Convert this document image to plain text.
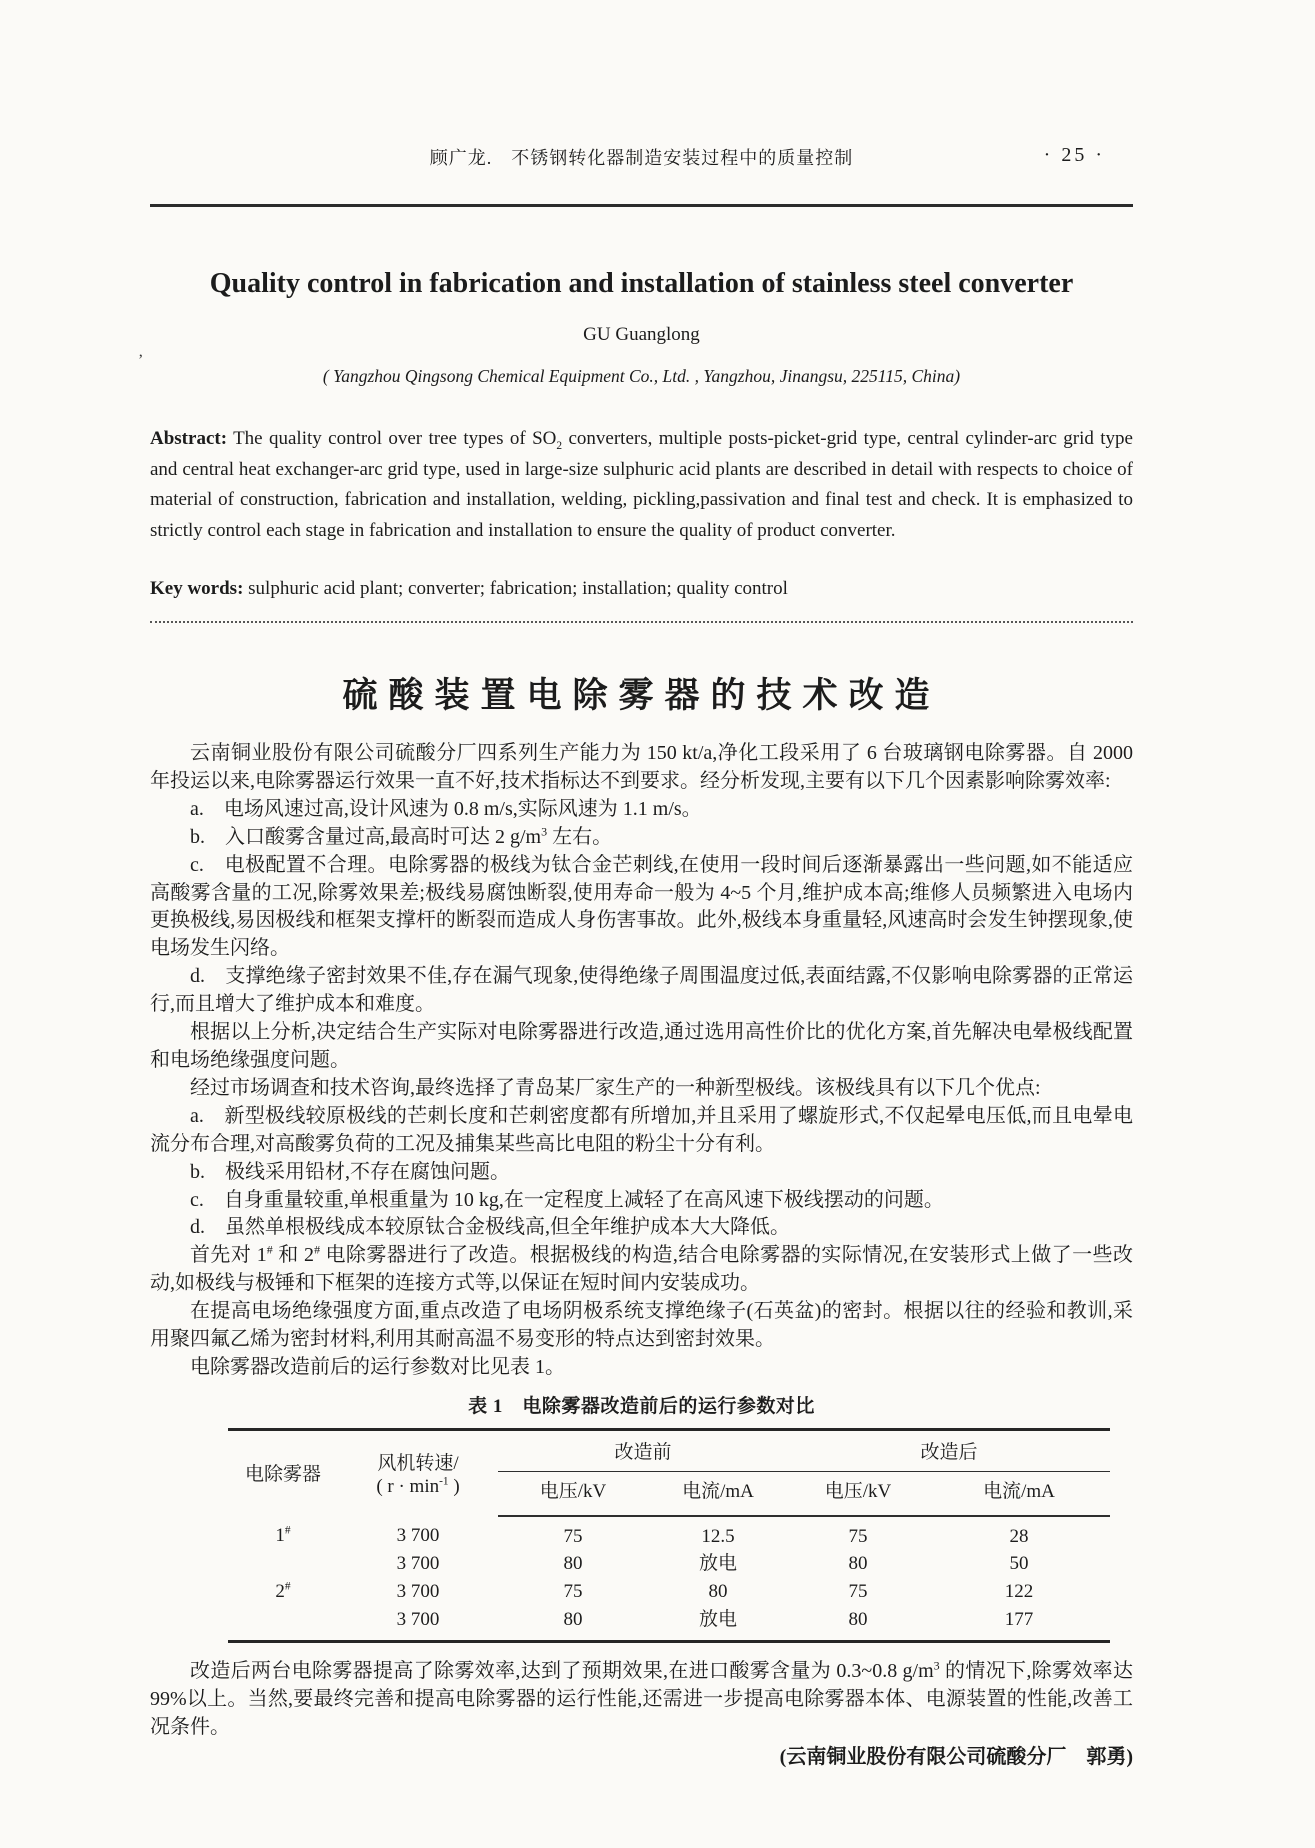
顾广龙.　不锈钢转化器制造安装过程中的质量控制	· 25 ·
Quality control in fabrication and installation of stainless steel converter
GU Guanglong
’
( Yangzhou Qingsong Chemical Equipment Co., Ltd. , Yangzhou, Jinangsu, 225115, China)
Abstract: The quality control over tree types of $SO_2$ converters, multiple posts-picket-grid type, central cylinder-arc grid type and central heat exchanger-arc grid type, used in large-size sulphuric acid plants are described in detail with respects to choice of material of construction, fabrication and installation, welding, pickling,passivation and final test and check. It is emphasized to strictly control each stage in fabrication and installation to ensure the quality of product converter.
Key words: sulphuric acid plant; converter; fabrication; installation; quality control
硫酸装置电除雾器的技术改造

云南铜业股份有限公司硫酸分厂四系列生产能力为 150 kt/a,净化工段采用了 6 台玻璃钢电除雾器。自 2000 年投运以来,电除雾器运行效果一直不好,技术指标达不到要求。经分析发现,主要有以下几个因素影响除雾效率:

a.　电场风速过高,设计风速为 0.8 m/s,实际风速为 1.1 m/s。

b.　入口酸雾含量过高,最高时可达 2 $g/m^3$ 左右。

c.　电极配置不合理。电除雾器的极线为钛合金芒刺线,在使用一段时间后逐渐暴露出一些问题,如不能适应高酸雾含量的工况,除雾效果差;极线易腐蚀断裂,使用寿命一般为 4~5 个月,维护成本高;维修人员频繁进入电场内更换极线,易因极线和框架支撑杆的断裂而造成人身伤害事故。此外,极线本身重量轻,风速高时会发生钟摆现象,使电场发生闪络。

d.　支撑绝缘子密封效果不佳,存在漏气现象,使得绝缘子周围温度过低,表面结露,不仅影响电除雾器的正常运行,而且增大了维护成本和难度。

根据以上分析,决定结合生产实际对电除雾器进行改造,通过选用高性价比的优化方案,首先解决电晕极线配置和电场绝缘强度问题。

经过市场调查和技术咨询,最终选择了青岛某厂家生产的一种新型极线。该极线具有以下几个优点:

a.　新型极线较原极线的芒刺长度和芒刺密度都有所增加,并且采用了螺旋形式,不仅起晕电压低,而且电晕电流分布合理,对高酸雾负荷的工况及捕集某些高比电阻的粉尘十分有利。

b.　极线采用铅材,不存在腐蚀问题。

c.　自身重量较重,单根重量为 10 kg,在一定程度上减轻了在高风速下极线摆动的问题。

d.　虽然单根极线成本较原钛合金极线高,但全年维护成本大大降低。

首先对 1# 和 2# 电除雾器进行了改造。根据极线的构造,结合电除雾器的实际情况,在安装形式上做了一些改动,如极线与极锤和下框架的连接方式等,以保证在短时间内安装成功。

在提高电场绝缘强度方面,重点改造了电场阴极系统支撑绝缘子(石英盆)的密封。根据以往的经验和教训,采用聚四氟乙烯为密封材料,利用其耐高温不易变形的特点达到密封效果。

电除雾器改造前后的运行参数对比见表 1。

表 1　电除雾器改造前后的运行参数对比
电除雾器	风机转速/
( $r \cdot \min^{-1}$ )	改造前		改造后	
		电压/kV	电流/mA	电压/kV	电流/mA
1#	3 700	75	12.5	75	28
	3 700	80	放电	80	50
2#	3 700	75	80	75	122
	3 700	80	放电	80	177

改造后两台电除雾器提高了除雾效率,达到了预期效果,在进口酸雾含量为 0.3~0.8 $g/m^3$ 的情况下,除雾效率达99%以上。当然,要最终完善和提高电除雾器的运行性能,还需进一步提高电除雾器本体、电源装置的性能,改善工况条件。

(云南铜业股份有限公司硫酸分厂　郭勇)
